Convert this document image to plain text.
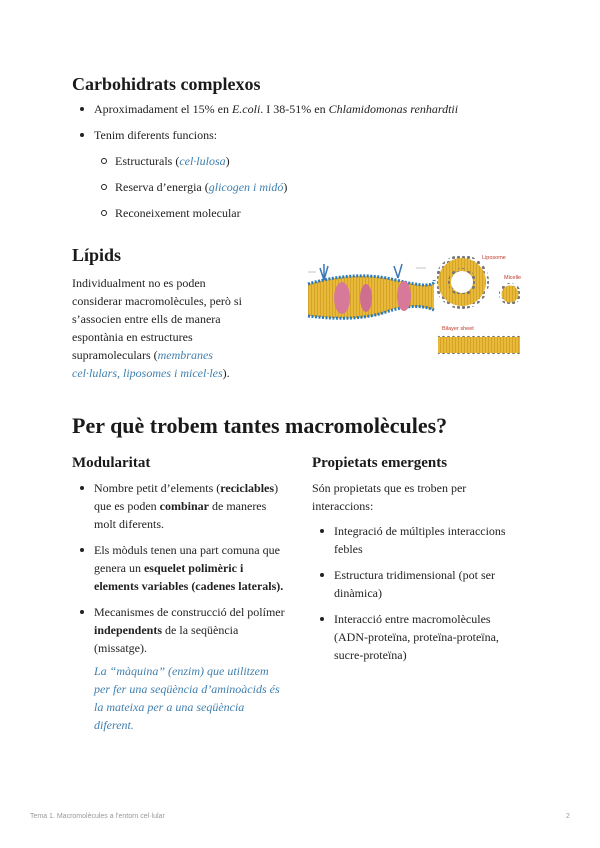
Carbohidrats complexos
Aproximadament el 15% en E.coli. I 38-51% en Chlamidomonas renhardtii
Tenim diferents funcions:
Estructurals (cel·lulosa)
Reserva d’energia (glicogen i midó)
Reconeixement molecular
Lípids
Individualment no es poden
considerar macromolècules, però si
s’associen entre ells de manera
espontània en estructures
supramoleculars (membranes
cel·lulars, liposomes i micel·les).
Liposome
Micelle
Bilayer sheet
Per què trobem tantes macromolècules?
Modularitat
Nombre petit d’elements (reciclables)
que es poden combinar de maneres
molt diferents.
Els mòduls tenen una part comuna que
genera un esquelet polimèric i
elements variables (cadenes laterals).
Mecanismes de construcció del polímer
independents de la seqüència
(missatge).
La “màquina” (enzim) que utilitzem
per fer una seqüència d’aminoàcids és
la mateixa per a una seqüència
diferent.
Propietats emergents
Són propietats que es troben per
interaccions:
Integració de múltiples interaccions
febles
Estructura tridimensional (pot ser
dinàmica)
Interacció entre macromolècules
(ADN-proteïna, proteïna-proteïna,
sucre-proteïna)
Tema 1. Macromolècules a l'entorn cel·lular	2
